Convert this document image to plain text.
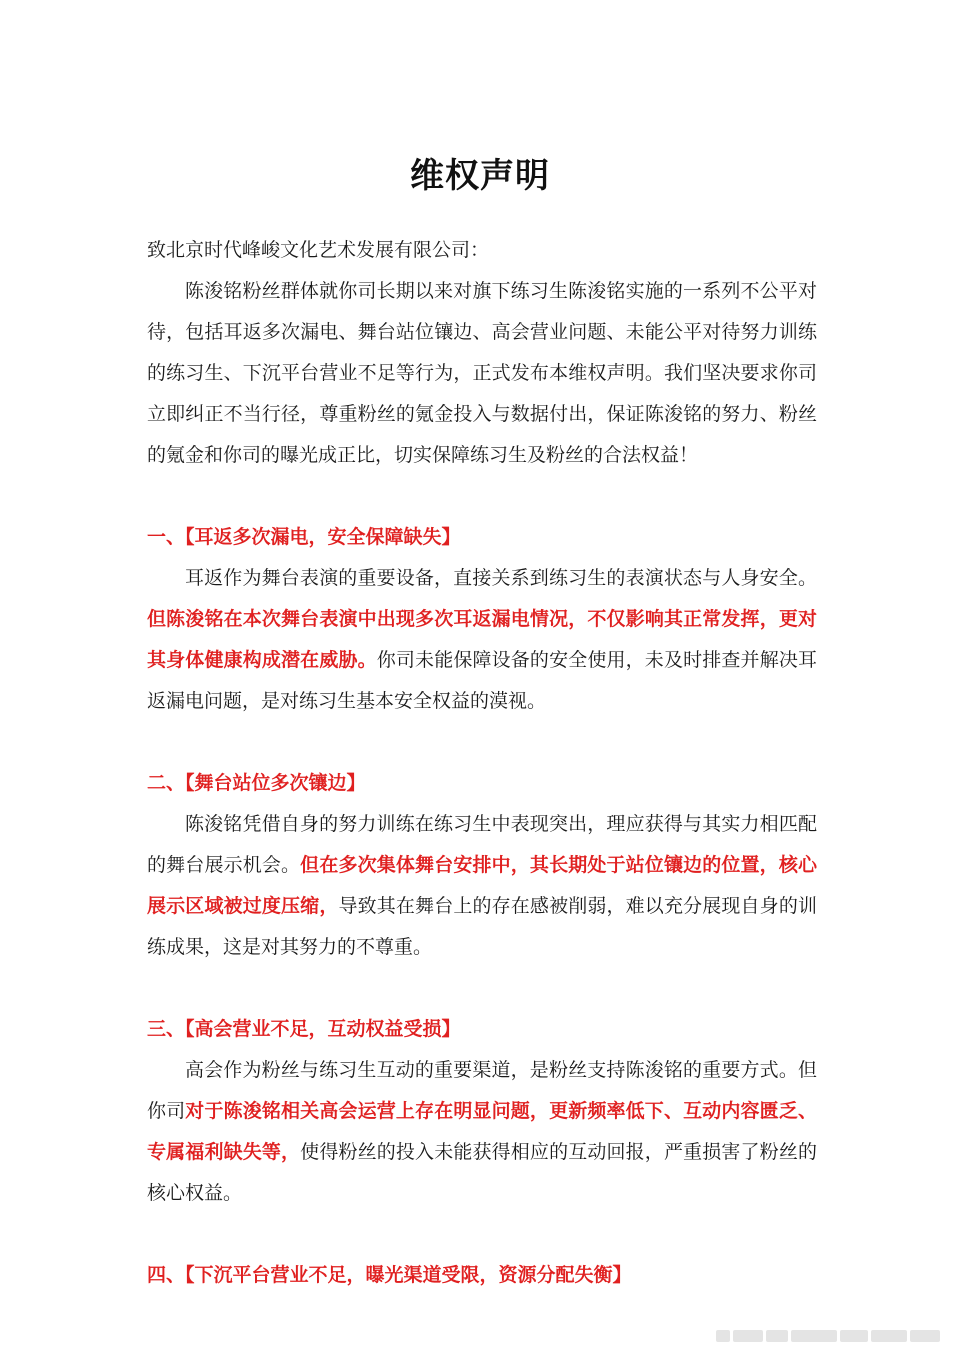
维权声明

致北京时代峰峻文化艺术发展有限公司：

陈浚铭粉丝群体就你司长期以来对旗下练习生陈浚铭实施的一系列不公平对待，包括耳返多次漏电、舞台站位镶边、高会营业问题、未能公平对待努力训练的练习生、下沉平台营业不足等行为，正式发布本维权声明。我们坚决要求你司立即纠正不当行径，尊重粉丝的氪金投入与数据付出，保证陈浚铭的努力、粉丝的氪金和你司的曝光成正比，切实保障练习生及粉丝的合法权益！

一、【耳返多次漏电，安全保障缺失】

耳返作为舞台表演的重要设备，直接关系到练习生的表演状态与人身安全。但陈浚铭在本次舞台表演中出现多次耳返漏电情况，不仅影响其正常发挥，更对其身体健康构成潜在威胁。你司未能保障设备的安全使用，未及时排查并解决耳返漏电问题，是对练习生基本安全权益的漠视。

二、【舞台站位多次镶边】

陈浚铭凭借自身的努力训练在练习生中表现突出，理应获得与其实力相匹配的舞台展示机会。但在多次集体舞台安排中，其长期处于站位镶边的位置，核心展示区域被过度压缩，导致其在舞台上的存在感被削弱，难以充分展现自身的训练成果，这是对其努力的不尊重。

三、【高会营业不足，互动权益受损】

高会作为粉丝与练习生互动的重要渠道，是粉丝支持陈浚铭的重要方式。但你司对于陈浚铭相关高会运营上存在明显问题，更新频率低下、互动内容匮乏、专属福利缺失等，使得粉丝的投入未能获得相应的互动回报，严重损害了粉丝的核心权益。

四、【下沉平台营业不足，曝光渠道受限，资源分配失衡】
